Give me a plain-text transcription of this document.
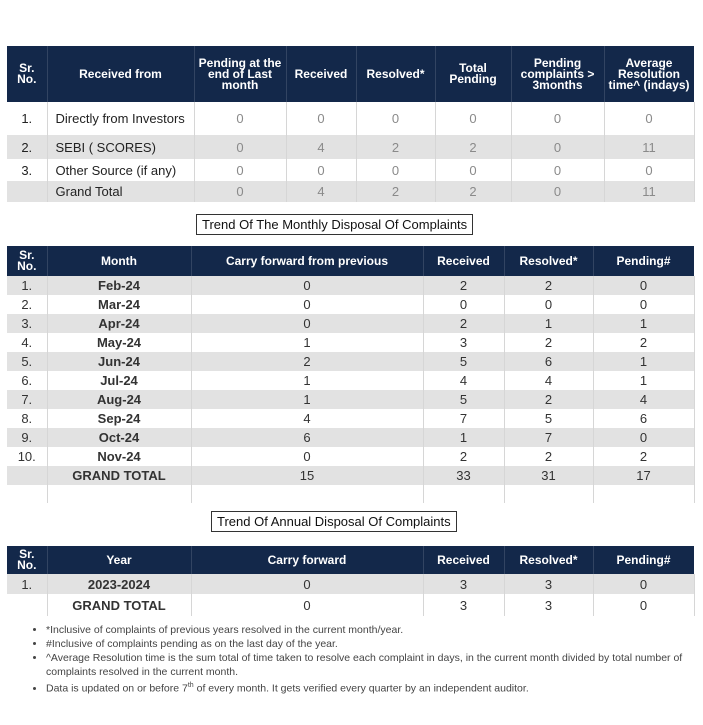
Sr. No.	Received from	Pending at the end of Last month	Received	Resolved*	Total Pending	Pending complaints > 3months	Average Resolution time^ (indays)
1.	Directly from Investors	0	0	0	0	0	0
2.	SEBI ( SCORES)	0	4	2	2	0	11
3.	Other Source (if any)	0	0	0	0	0	0
	Grand Total	0	4	2	2	0	11
Trend Of The Monthly Disposal Of Complaints
Sr. No.	Month	Carry forward from previous	Received	Resolved*	Pending#
1.	Feb-24	0	2	2	0
2.	Mar-24	0	0	0	0
3.	Apr-24	0	2	1	1
4.	May-24	1	3	2	2
5.	Jun-24	2	5	6	1
6.	Jul-24	1	4	4	1
7.	Aug-24	1	5	2	4
8.	Sep-24	4	7	5	6
9.	Oct-24	6	1	7	0
10.	Nov-24	0	2	2	2
	GRAND TOTAL	15	33	31	17

Trend Of Annual Disposal Of Complaints
Sr. No.	Year	Carry forward	Received	Resolved*	Pending#
1.	2023-2024	0	3	3	0
	GRAND TOTAL	0	3	3	0
• *Inclusive of complaints of previous years resolved in the current month/year.
• #Inclusive of complaints pending as on the last day of the year.
• ^Average Resolution time is the sum total of time taken to resolve each complaint in days, in the current month divided by total number of complaints resolved in the current month.
• Data is updated on or before 7th of every month. It gets verified every quarter by an independent auditor.
